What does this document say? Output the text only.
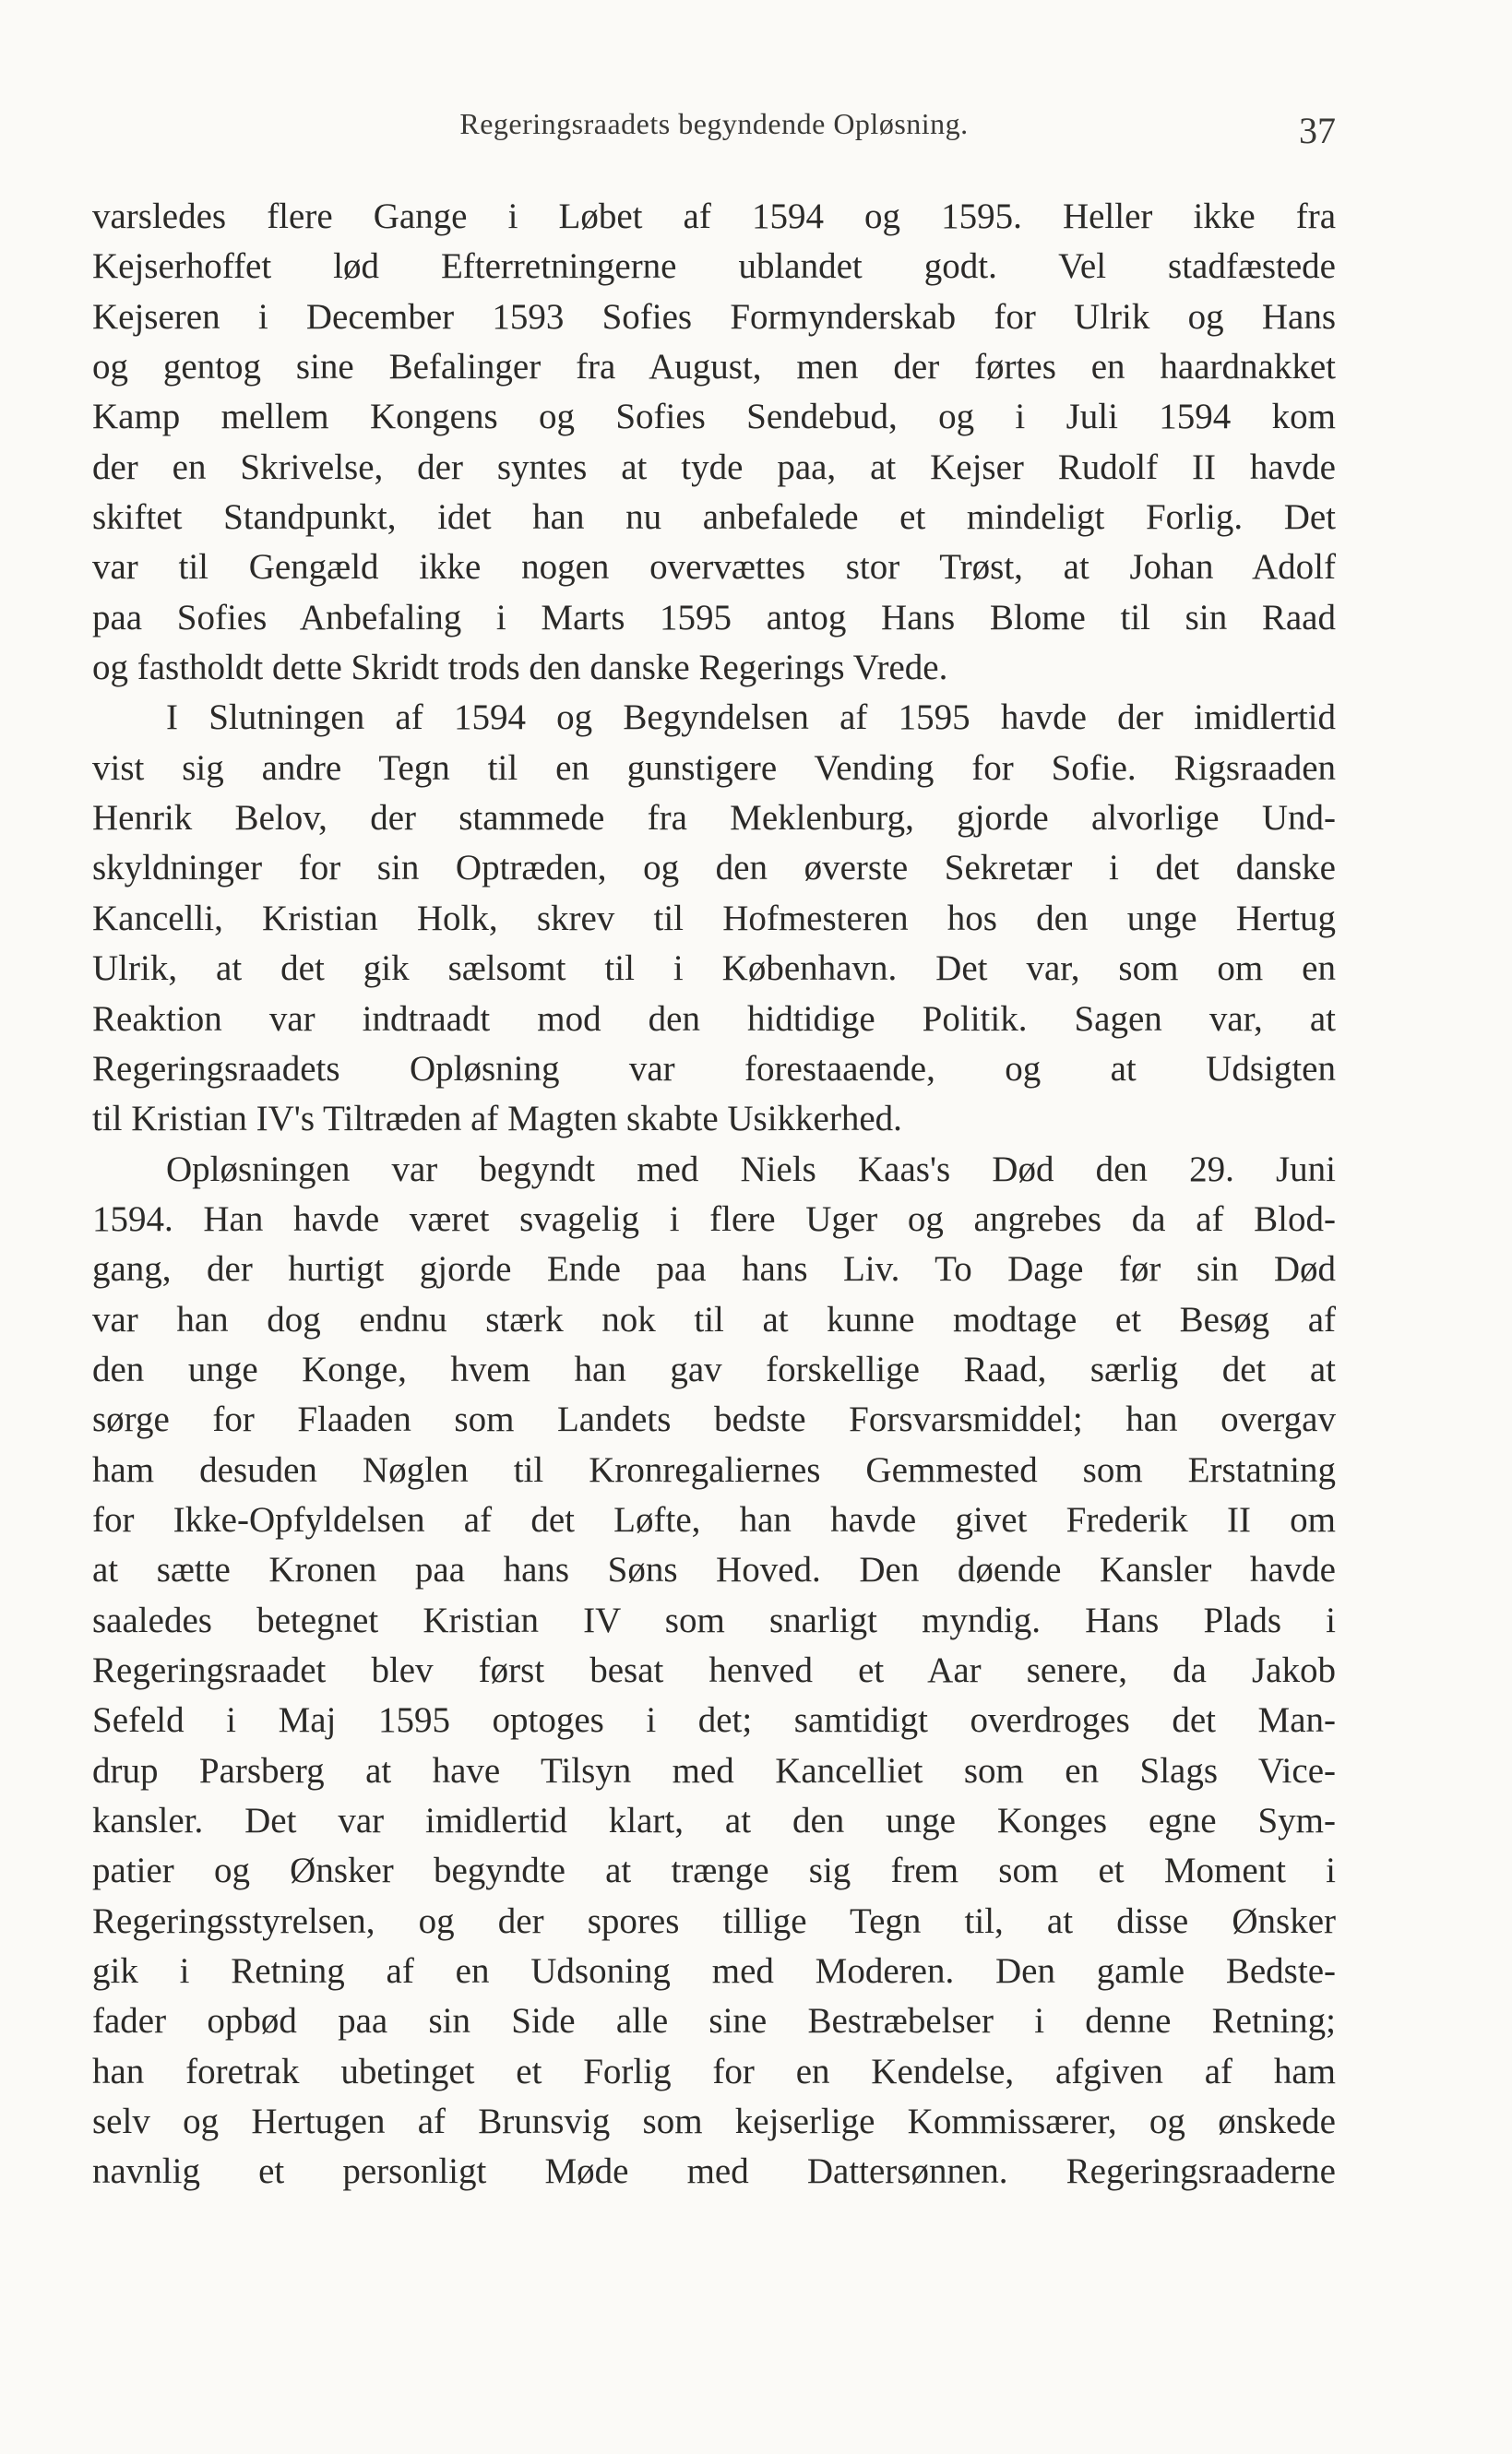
Regeringsraadets begyndende Opløsning.	37
varsledes flere Gange i Løbet af 1594 og 1595. Heller ikke fra
Kejserhoffet lød Efterretningerne ublandet godt. Vel stadfæstede
Kejseren i December 1593 Sofies Formynderskab for Ulrik og Hans
og gentog sine Befalinger fra August, men der førtes en haardnakket
Kamp mellem Kongens og Sofies Sendebud, og i Juli 1594 kom
der en Skrivelse, der syntes at tyde paa, at Kejser Rudolf II havde
skiftet Standpunkt, idet han nu anbefalede et mindeligt Forlig. Det
var til Gengæld ikke nogen overvættes stor Trøst, at Johan Adolf
paa Sofies Anbefaling i Marts 1595 antog Hans Blome til sin Raad
og fastholdt dette Skridt trods den danske Regerings Vrede.
I Slutningen af 1594 og Begyndelsen af 1595 havde der imidlertid
vist sig andre Tegn til en gunstigere Vending for Sofie. Rigsraaden
Henrik Belov, der stammede fra Meklenburg, gjorde alvorlige Und-
skyldninger for sin Optræden, og den øverste Sekretær i det danske
Kancelli, Kristian Holk, skrev til Hofmesteren hos den unge Hertug
Ulrik, at det gik sælsomt til i København. Det var, som om en
Reaktion var indtraadt mod den hidtidige Politik. Sagen var, at
Regeringsraadets Opløsning var forestaaende, og at Udsigten
til Kristian IV's Tiltræden af Magten skabte Usikkerhed.
Opløsningen var begyndt med Niels Kaas's Død den 29. Juni
1594. Han havde været svagelig i flere Uger og angrebes da af Blod-
gang, der hurtigt gjorde Ende paa hans Liv. To Dage før sin Død
var han dog endnu stærk nok til at kunne modtage et Besøg af
den unge Konge, hvem han gav forskellige Raad, særlig det at
sørge for Flaaden som Landets bedste Forsvarsmiddel; han overgav
ham desuden Nøglen til Kronregaliernes Gemmested som Erstatning
for Ikke-Opfyldelsen af det Løfte, han havde givet Frederik II om
at sætte Kronen paa hans Søns Hoved. Den døende Kansler havde
saaledes betegnet Kristian IV som snarligt myndig. Hans Plads i
Regeringsraadet blev først besat henved et Aar senere, da Jakob
Sefeld i Maj 1595 optoges i det; samtidigt overdroges det Man-
drup Parsberg at have Tilsyn med Kancelliet som en Slags Vice-
kansler. Det var imidlertid klart, at den unge Konges egne Sym-
patier og Ønsker begyndte at trænge sig frem som et Moment i
Regeringsstyrelsen, og der spores tillige Tegn til, at disse Ønsker
gik i Retning af en Udsoning med Moderen. Den gamle Bedste-
fader opbød paa sin Side alle sine Bestræbelser i denne Retning;
han foretrak ubetinget et Forlig for en Kendelse, afgiven af ham
selv og Hertugen af Brunsvig som kejserlige Kommissærer, og ønskede
navnlig et personligt Møde med Dattersønnen. Regeringsraaderne
